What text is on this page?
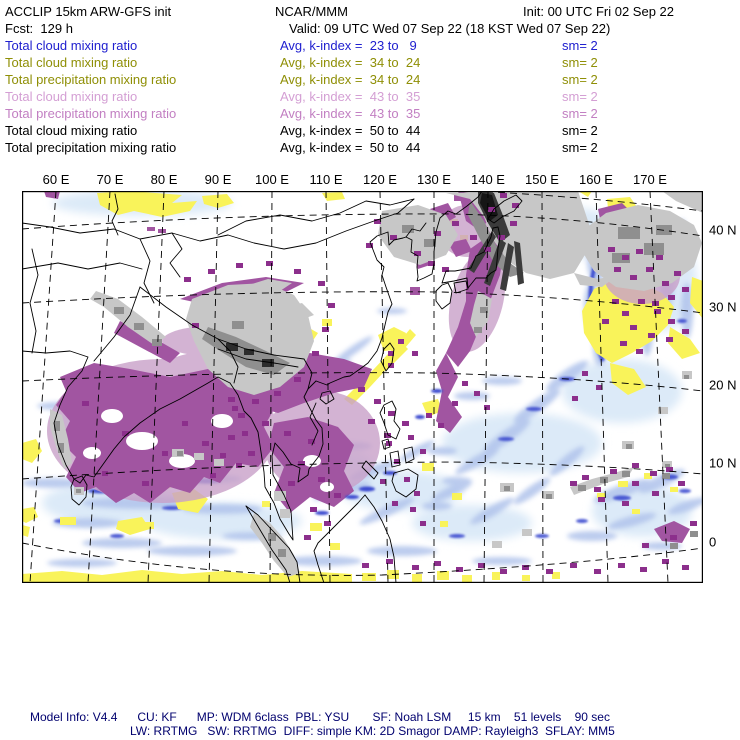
ACCLIP 15km ARW-GFS init	NCAR/MMM	Init: 00 UTC Fri 02 Sep 22
Fcst:  129 h	Valid: 09 UTC Wed 07 Sep 22 (18 KST Wed 07 Sep 22)
Total cloud mixing ratio	Avg, k-index =  23 to   9	sm= 2
Total cloud mixing ratio	Avg, k-index =  34 to  24	sm= 2
Total precipitation mixing ratio	Avg, k-index =  34 to  24	sm= 2
Total cloud mixing ratio	Avg, k-index =  43 to  35	sm= 2
Total precipitation mixing ratio	Avg, k-index =  43 to  35	sm= 2
Total cloud mixing ratio	Avg, k-index =  50 to  44	sm= 2
Total precipitation mixing ratio	Avg, k-index =  50 to  44	sm= 2
60 E 70 E 80 E 90 E 100 E 110 E 120 E 130 E 140 E 150 E 160 E 170 E
40 N
30 N
20 N
10 N
0
Model Info: V4.4      CU: KF      MP: WDM 6class  PBL: YSU       SF: Noah LSM     15 km    51 levels    90 sec
LW: RRTMG   SW: RRTMG  DIFF: simple KM: 2D Smagor DAMP: Rayleigh3  SFLAY: MM5
